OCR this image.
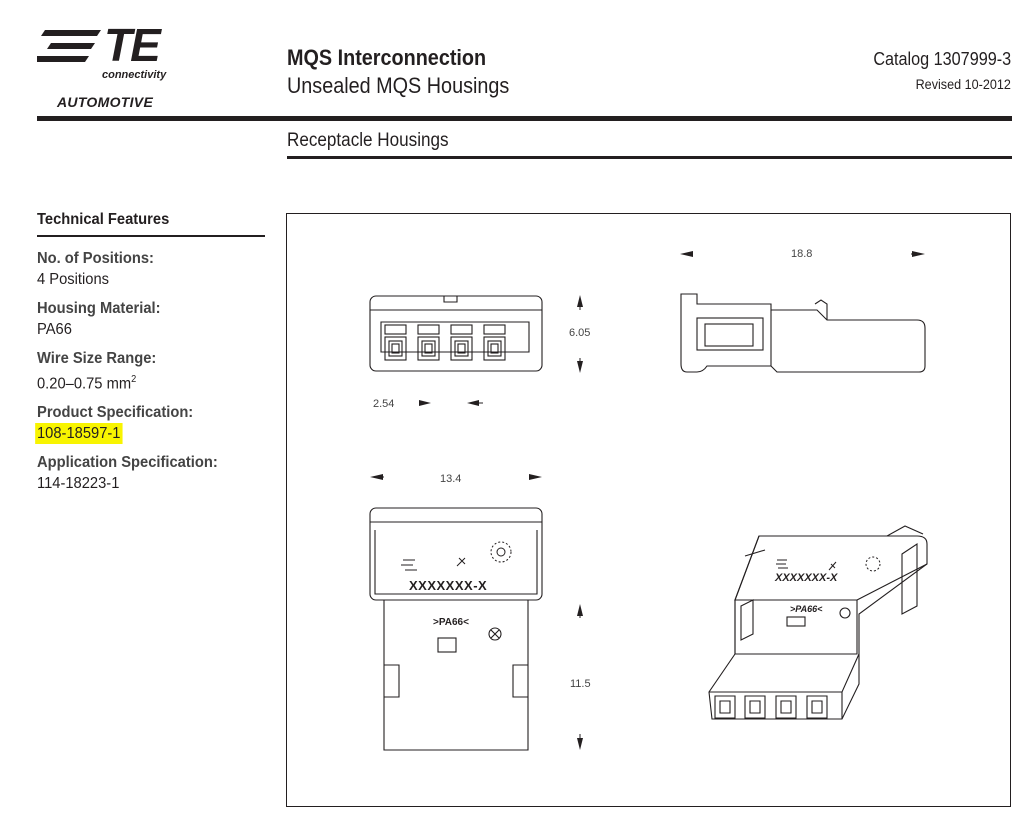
TE
connectivity
AUTOMOTIVE
MQS Interconnection
Unsealed MQS Housings
Catalog 1307999-3
Revised 10-2012
Receptacle Housings
Technical Features
No. of Positions:
4 Positions
Housing Material:
PA66
Wire Size Range:
0.20–0.75 $mm^2$
Product Specification:
108-18597-1
Application Specification:
114-18223-1
18.8
6.05
2.54
13.4
11.5
XXXXXXX-X
>PA66<
XXXXXXX-X
>PA66<
